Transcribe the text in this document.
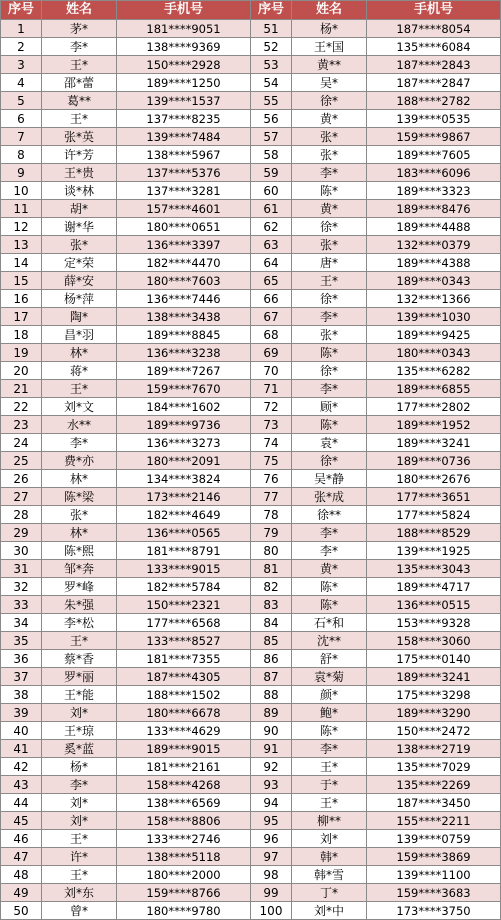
序号	姓名	手机号	序号	姓名	手机号
1	茅*	181****9051	51	杨*	187****8054
2	李*	138****9369	52	王*国	135****6084
3	王*	150****2928	53	黄**	187****2843
4	邵*蕾	189****1250	54	吴*	187****2847
5	葛**	139****1537	55	徐*	188****2782
6	王*	137****8235	56	黄*	139****0535
7	张*英	139****7484	57	张*	159****9867
8	许*芳	138****5967	58	张*	189****7605
9	王*贵	137****5376	59	李*	183****6096
10	谈*林	137****3281	60	陈*	189****3323
11	胡*	157****4601	61	黄*	189****8476
12	谢*华	180****0651	62	徐*	189****4488
13	张*	136****3397	63	张*	132****0379
14	定*荣	182****4470	64	唐*	189****4388
15	薛*安	180****7603	65	王*	189****0343
16	杨*萍	136****7446	66	徐*	132****1366
17	陶*	138****3438	67	李*	139****1030
18	昌*羽	189****8845	68	张*	189****9425
19	林*	136****3238	69	陈*	180****0343
20	蒋*	189****7267	70	徐*	135****6282
21	王*	159****7670	71	李*	189****6855
22	刘*文	184****1602	72	顾*	177****2802
23	水**	189****9736	73	陈*	189****1952
24	李*	136****3273	74	袁*	189****3241
25	费*亦	180****2091	75	徐*	189****0736
26	林*	134****3824	76	吴*静	180****2676
27	陈*梁	173****2146	77	张*成	177****3651
28	张*	182****4649	78	徐**	177****5824
29	林*	136****0565	79	李*	188****8529
30	陈*熙	181****8791	80	李*	139****1925
31	邹*奔	133****9015	81	黄*	135****3043
32	罗*峰	182****5784	82	陈*	189****4717
33	朱*强	150****2321	83	陈*	136****0515
34	李*松	177****6568	84	石*和	153****9328
35	王*	133****8527	85	沈**	158****3060
36	蔡*香	181****7355	86	舒*	175****0140
37	罗*丽	187****4305	87	袁*菊	189****3241
38	王*能	188****1502	88	颜*	175****3298
39	刘*	180****6678	89	鲍*	189****3290
40	王*琼	133****4629	90	陈*	150****2472
41	奚*蓝	189****9015	91	李*	138****2719
42	杨*	181****2161	92	王*	135****7029
43	李*	158****4268	93	于*	135****2269
44	刘*	138****6569	94	王*	187****3450
45	刘*	158****8806	95	柳**	155****2211
46	王*	133****2746	96	刘*	139****0759
47	许*	138****5118	97	韩*	159****3869
48	王*	180****2000	98	韩*雪	139****1100
49	刘*东	159****8766	99	丁*	159****3683
50	曾*	180****9780	100	刘*中	173****3750
